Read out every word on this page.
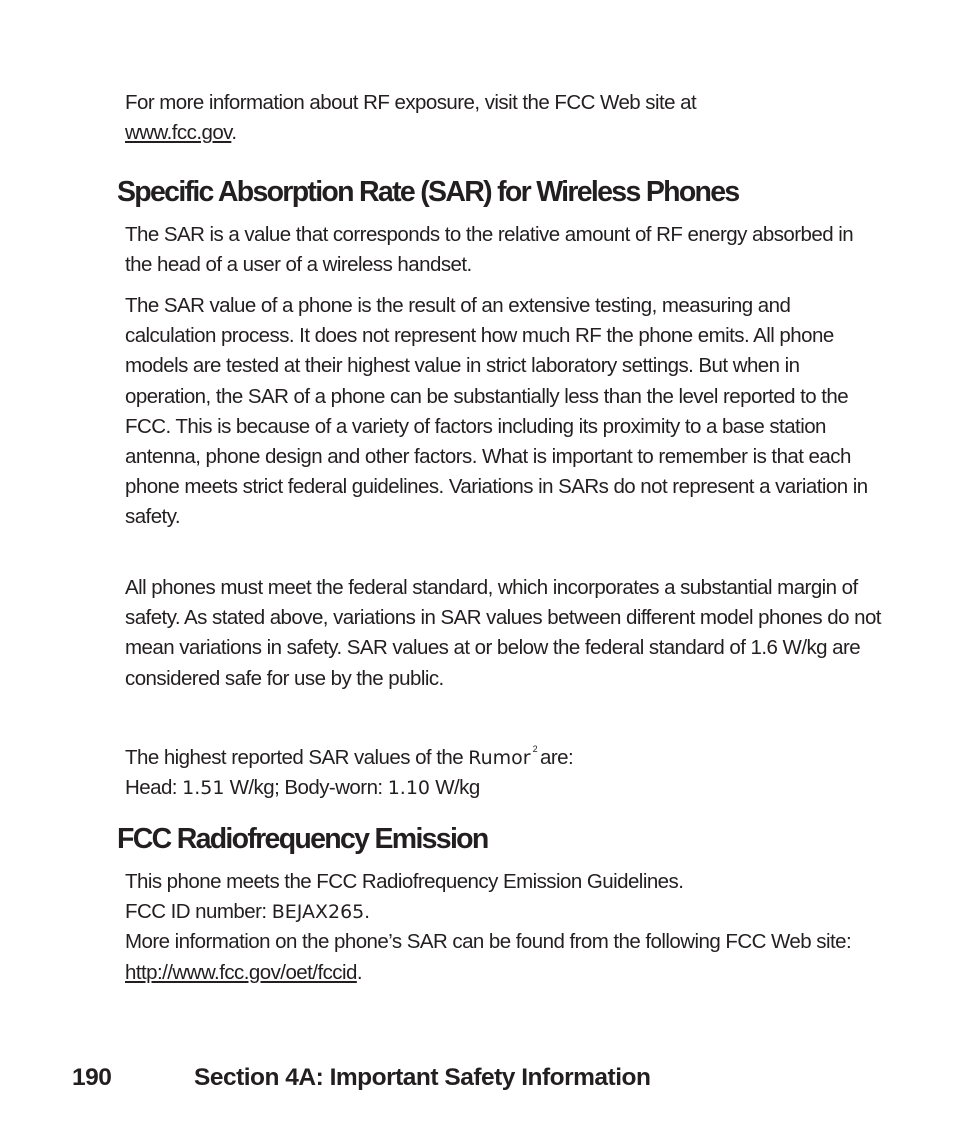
For more information about RF exposure, visit the FCC Web site at
www.fcc.gov.

Specific Absorption Rate (SAR) for Wireless Phones

The SAR is a value that corresponds to the relative amount of RF energy absorbed in the head of a user of a wireless handset.

The SAR value of a phone is the result of an extensive testing, measuring and calculation process. It does not represent how much RF the phone emits. All phone models are tested at their highest value in strict laboratory settings. But when in operation, the SAR of a phone can be substantially less than the level reported to the FCC. This is because of a variety of factors including its proximity to a base station antenna, phone design and other factors. What is important to remember is that each phone meets strict federal guidelines. Variations in SARs do not represent a variation in safety.

All phones must meet the federal standard, which incorporates a substantial margin of safety. As stated above, variations in SAR values between different model phones do not mean variations in safety. SAR values at or below the federal standard of 1.6 W/kg are considered safe for use by the public.

The highest reported SAR values of the Rumor $^2$ are:
Head: 1.51 W/kg; Body-worn: 1.10 W/kg

FCC Radiofrequency Emission

This phone meets the FCC Radiofrequency Emission Guidelines.
FCC ID number: BEJAX265.
More information on the phone’s SAR can be found from the following FCC Web site:
http://www.fcc.gov/oet/fccid.

190	Section 4A: Important Safety Information
